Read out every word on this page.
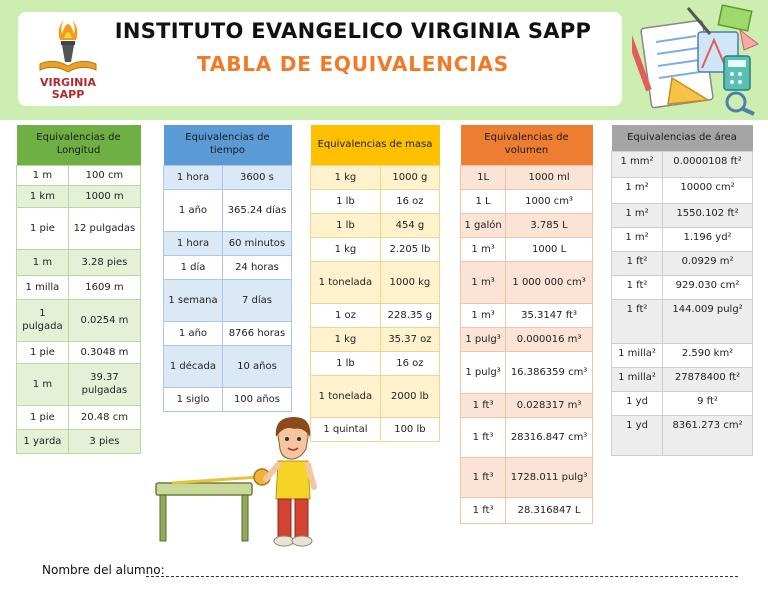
VIRGINIA
SAPP
INSTITUTO EVANGELICO VIRGINIA SAPP
TABLA DE EQUIVALENCIAS
Equivalencias de Longitud	
1 m	100 cm
1 km	1000 m
1 pie	12 pulgadas
1 m	3.28 pies
1 milla	1609 m
1 pulgada	0.0254 m
1 pie	0.3048 m
1 m	39.37 pulgadas
1 pie	20.48 cm
1 yarda	3 pies
Equivalencias de tiempo	
1 hora	3600 s
1 año	365.24 días
1 hora	60 minutos
1 día	24 horas
1 semana	7 días
1 año	8766 horas
1 década	10 años
1 siglo	100 años
Equivalencias de masa	
1 kg	1000 g
1 lb	16 oz
1 lb	454 g
1 kg	2.205 lb
1 tonelada	1000 kg
1 oz	228.35 g
1 kg	35.37 oz
1 lb	16 oz
1 tonelada	2000 lb
1 quintal	100 lb
Equivalencias de volumen	
1L	1000 ml
1 L	1000 cm³
1 galón	3.785 L
1 m³	1000 L
1 m³	1 000 000 cm³
1 m³	35.3147 ft³
1 pulg³	0.000016 m³
1 pulg³	16.386359 cm³
1 ft³	0.028317 m³
1 ft³	28316.847 cm³
1 ft³	1728.011 pulg³
1 ft³	28.316847 L
Equivalencias de área	
1 mm²	0.0000108 ft²
1 m²	10000 cm²
1 m²	1550.102 ft²
1 m²	1.196 yd²
1 ft²	0.0929 m²
1 ft²	929.030 cm²
1 ft²	144.009 pulg²
1 milla²	2.590 km²
1 milla²	27878400 ft²
1 yd	9 ft²
1 yd	8361.273 cm²
Nombre del alumno:
